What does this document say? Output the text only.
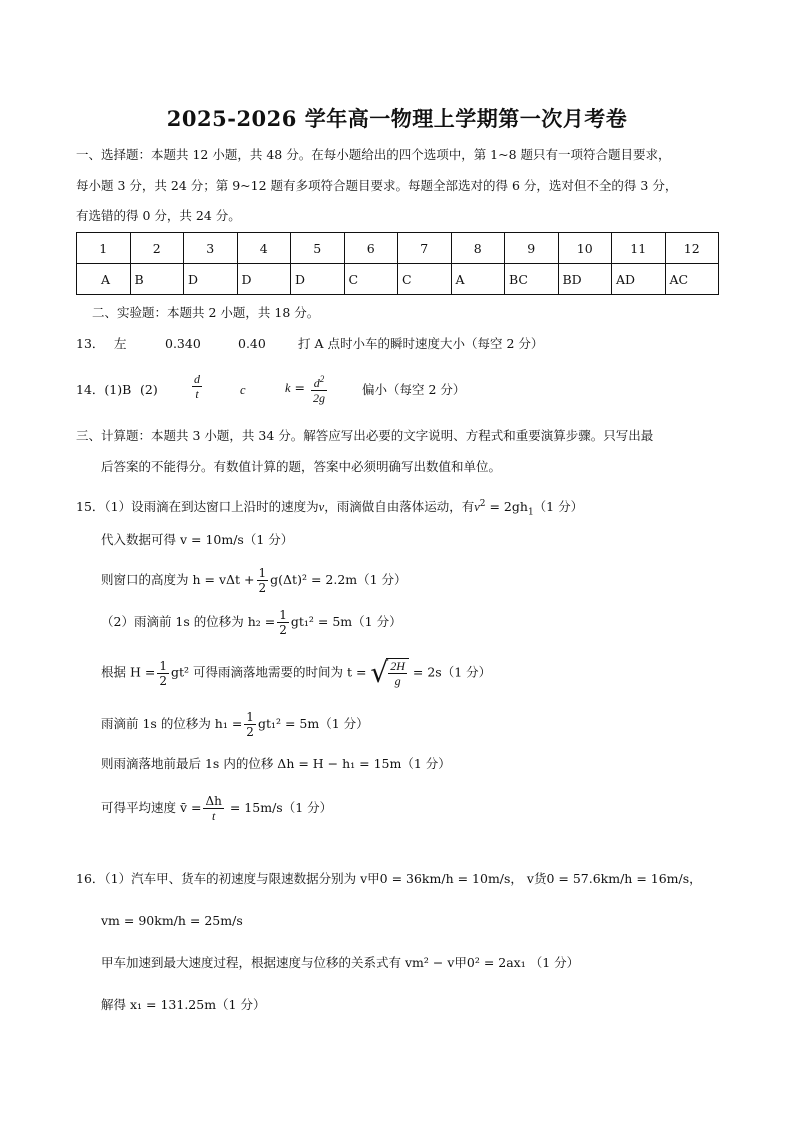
2025-2026 学年高一物理上学期第一次月考卷
一、选择题：本题共 12 小题，共 48 分。在每小题给出的四个选项中，第 1~8 题只有一项符合题目要求，
每小题 3 分，共 24 分；第 9~12 题有多项符合题目要求。每题全部选对的得 6 分，选对但不全的得 3 分，
有选错的得 0 分，共 24 分。
1	2	3	4	5	6	7	8	9	10	11	12
A	B	D	D	D	C	C	A	BC	BD	AD	AC
二、实验题：本题共 2 小题，共 18 分。
13． 左	0.340	0.40	打 A 点时小车的瞬时速度大小（每空 2 分）
14．(1)B (2)	$\frac{d}{t}$	c	$k = \frac{d^2}{2g}$	偏小（每空 2 分）
三、计算题：本题共 3 小题，共 34 分。解答应写出必要的文字说明、方程式和重要演算步骤。只写出最
后答案的不能得分。有数值计算的题，答案中必须明确写出数值和单位。
15．（1）设雨滴在到达窗口上沿时的速度为v，雨滴做自由落体运动，有$v^2 = 2gh_1(1$ 分）
代入数据可得 v = 10m/s（1 分）
则窗口的高度为 $h = v\Delta t + \frac{1}{2} g(\Delta t)^2 = 2.2m(1$ 分）
（2）雨滴前 1s 的位移为 $h_2 = \frac{1}{2} gt_1^2 = 5m(1$ 分）
根据 $H = \frac{1}{2} gt^2$ 可得雨滴落地需要的时间为 t = √ $\frac{2H}{g} = 2s(1$ 分）
雨滴前 1s 的位移为 $h_1 = \frac{1}{2} gt_1^2 = 5m(1$ 分）
则雨滴落地前最后 1s 内的位移 Δh = H − h₁ = 15m（1 分）
可得平均速度 v̄ = $\frac{\Delta h}{t} = 15m/s(1$ 分）
16．（1）汽车甲、货车的初速度与限速数据分别为 v甲0 = 36km/h = 10m/s， v货0 = 57.6km/h = 16m/s，
vm = 90km/h = 25m/s
甲车加速到最大速度过程，根据速度与位移的关系式有 vm² − v甲0² = 2ax₁ （1 分）
解得 x₁ = 131.25m（1 分）
